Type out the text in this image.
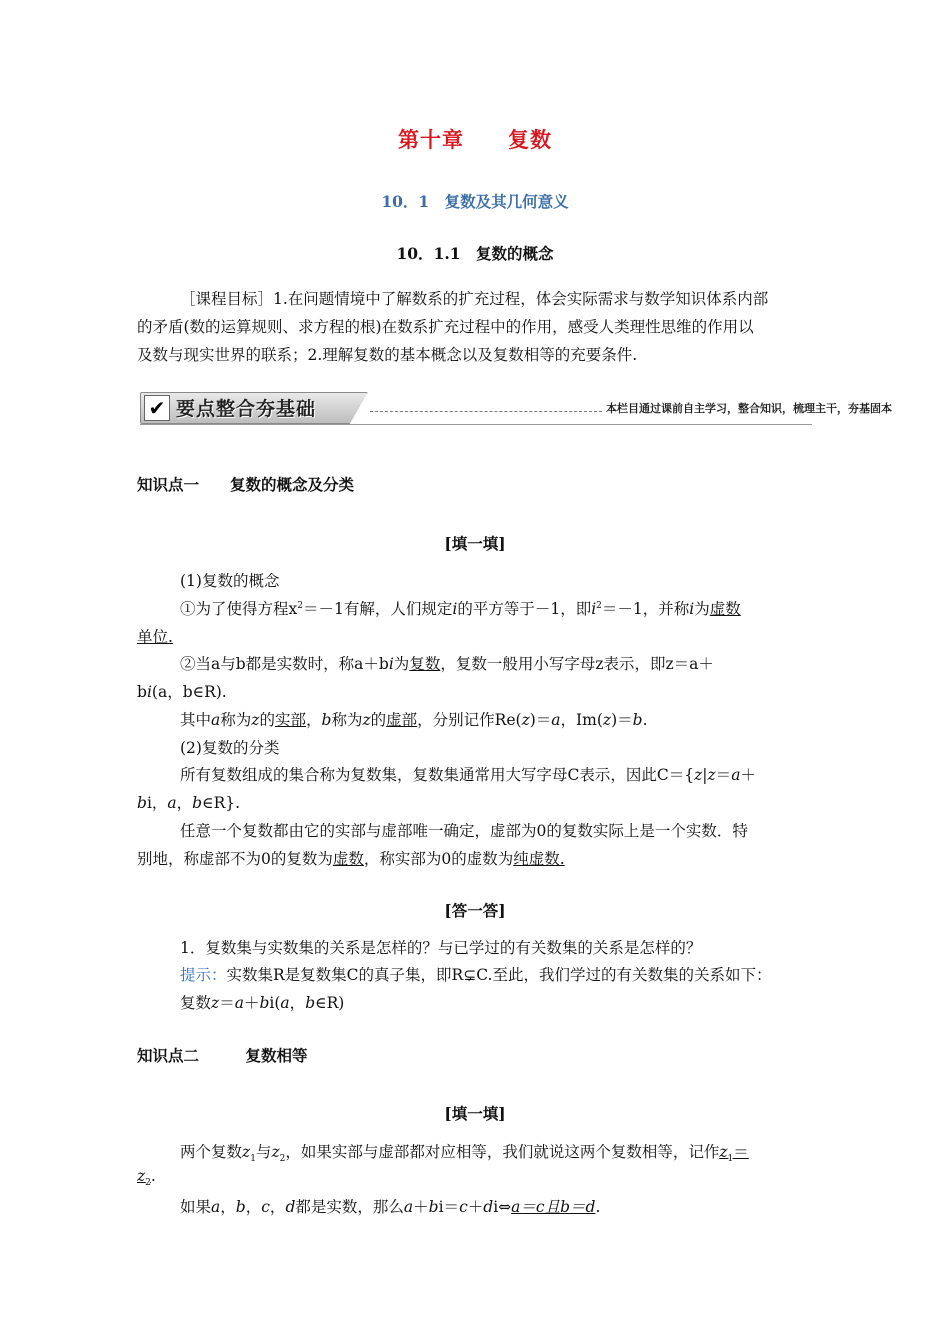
第十章　　复数
10．1　复数及其几何意义
10．1.1　复数的概念
［课程目标］1.在问题情境中了解数系的扩充过程，体会实际需求与数学知识体系内部
的矛盾(数的运算规则、求方程的根)在数系扩充过程中的作用，感受人类理性思维的作用以
及数与现实世界的联系；2.理解复数的基本概念以及复数相等的充要条件.
✔ 要点整合夯基础	本栏目通过课前自主学习，整合知识，梳理主干，夯基固本
知识点一　　复数的概念及分类
[填一填]
(1)复数的概念
①为了使得方程$x^2=-1$有解，人们规定i的平方等于－1，即$i^2=-1$，并称i为虚数
单位.
②当a与b都是实数时，称a＋bi为复数，复数一般用小写字母z表示，即z＝a＋
bi(a，b∈R).
其中a称为z的实部，b称为z的虚部，分别记作Re(z)＝a，Im(z)＝b.
(2)复数的分类
所有复数组成的集合称为复数集，复数集通常用大写字母C表示，因此C＝{z|z＝a＋
bi，a，b∈R}.
任意一个复数都由它的实部与虚部唯一确定，虚部为0的复数实际上是一个实数．特
别地，称虚部不为0的复数为虚数，称实部为0的虚数为纯虚数.
[答一答]
1．复数集与实数集的关系是怎样的？与已学过的有关数集的关系是怎样的？
提示：实数集R是复数集C的真子集，即R⊊C.至此，我们学过的有关数集的关系如下：
复数z＝a＋bi(a，b∈R)
知识点二　　　复数相等
[填一填]
两个复数$z_1$与$z_2$，如果实部与虚部都对应相等，我们就说这两个复数相等，记作$z_1=$
$z_2$.
如果a，b，c，d都是实数，那么a＋bi＝c＋di⇔a＝c且b＝d.
